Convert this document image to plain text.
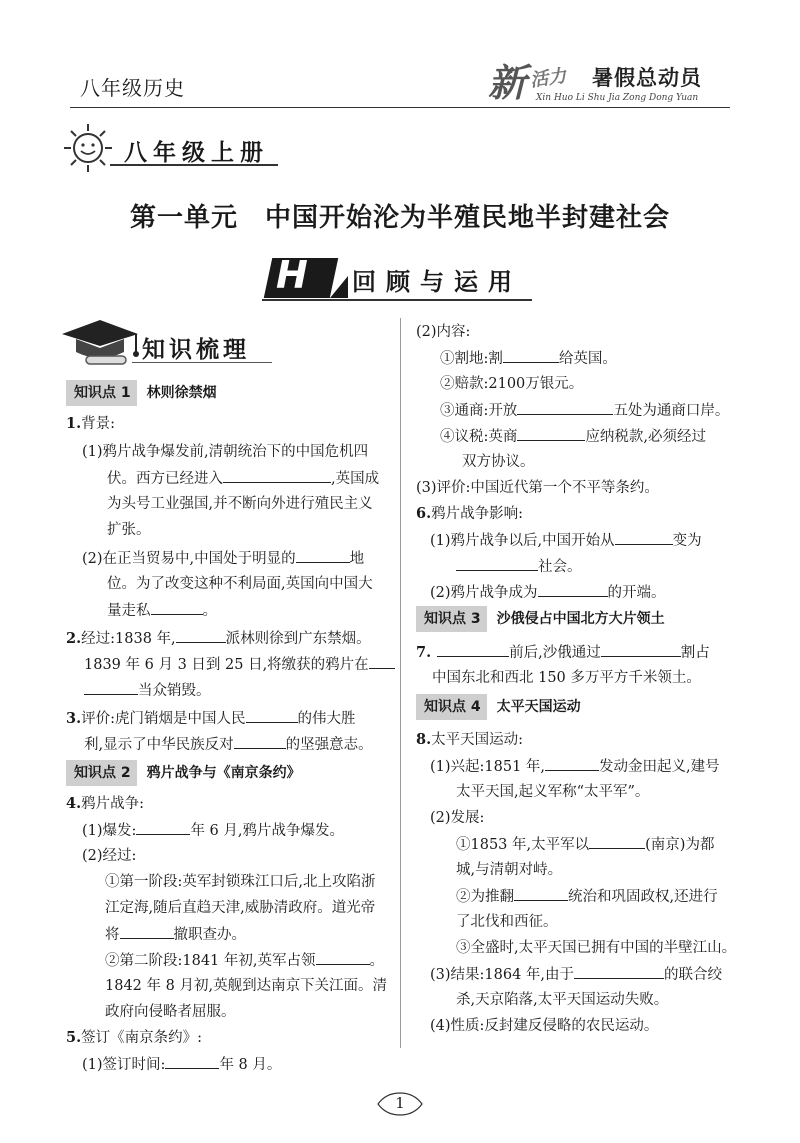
八年级历史	新 活力 暑假总动员
Xin Huo Li Shu Jia Zong Dong Yuan
八年级上册
第一单元　中国开始沦为半殖民地半封建社会
H 回顾与运用
知识梳理
知识点 1 林则徐禁烟
1.背景:
(1)鸦片战争爆发前,清朝统治下的中国危机四
伏。西方已经进入	,英国成
为头号工业强国,并不断向外进行殖民主义
扩张。
(2)在正当贸易中,中国处于明显的	地
位。为了改变这种不利局面,英国向中国大
量走私	。
2.经过:1838 年,	派林则徐到广东禁烟。
1839 年 6 月 3 日到 25 日,将缴获的鸦片在
当众销毁。
3.评价:虎门销烟是中国人民	的伟大胜
利,显示了中华民族反对	的坚强意志。
知识点 2 鸦片战争与《南京条约》
4.鸦片战争:
(1)爆发:	年 6 月,鸦片战争爆发。
(2)经过:
①第一阶段:英军封锁珠江口后,北上攻陷浙
江定海,随后直趋天津,威胁清政府。道光帝
将	撤职查办。
②第二阶段:1841 年初,英军占领	。
1842 年 8 月初,英舰到达南京下关江面。清
政府向侵略者屈服。
5.签订《南京条约》:
(1)签订时间:	年 8 月。
(2)内容:
①割地:割	给英国。
②赔款:2100万银元。
③通商:开放	五处为通商口岸。
④议税:英商	应纳税款,必须经过
双方协议。
(3)评价:中国近代第一个不平等条约。
6.鸦片战争影响:
(1)鸦片战争以后,中国开始从	变为
社会。
(2)鸦片战争成为	的开端。
知识点 3 沙俄侵占中国北方大片领土
7.	前后,沙俄通过	割占
中国东北和西北 150 多万平方千米领土。
知识点 4 太平天国运动
8.太平天国运动:
(1)兴起:1851 年,	发动金田起义,建号
太平天国,起义军称“太平军”。
(2)发展:
①1853 年,太平军以	(南京)为都
城,与清朝对峙。
②为推翻	统治和巩固政权,还进行
了北伐和西征。
③全盛时,太平天国已拥有中国的半壁江山。
(3)结果:1864 年,由于	的联合绞
杀,天京陷落,太平天国运动失败。
(4)性质:反封建反侵略的农民运动。
1
